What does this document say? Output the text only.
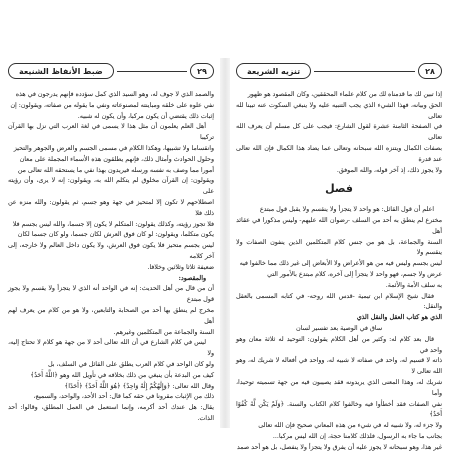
ضبط الأنفاظ الشنيعة	٢٩

والصمد الذي لا جوف له، وهو السيد الذي كمل سؤدده فإنهم يدرجون في هذه

نفي علوه على خلقه ومباينته لمصنوعاته ونفي ما يقوله من صفاته، ويقولون: إن

إثبات ذلك يقتضي أن يكون مركبا، وأن يكون له شبيه.

أهل العلم يعلمون أن مثل هذا لا يسمى في لغة العرب التي نزل بها القرآن تركيبا

وانقساما ولا تشبيها، وهكذا الكلام في مسمى الجسم والعرض والجوهر والتحيز

وحلول الحوادث وأمثال ذلك، فإنهم يطلقون هذه الأسماء المجملة على معان

أمورا مما وصف به نفسه ورسله فيريدون بهذا نفي ما يستحقه الله تعالى من

ويقولون: إن القرآن مخلوق لم يتكلم الله به، ويقولون: إنه لا يرى، وأن رؤيته على

اصطلاحهم لا تكون إلا لمتحيز في جهة وهو جسم، ثم يقولون: والله منزه عن ذلك فلا

فلا تجوز رؤيته، وكذلك يقولون: المتكلم لا يكون إلا جسما، والله ليس بجسم فلا

يكون متكلما، ويقولون: لو كان فوق العرش لكان جسما، ولو كان جسما لكان

ليس بجسم متحيز فلا يكون فوق العرش، ولا يكون داخل العالم ولا خارجه، إلى آخر كلامه

ضعيفة ثلاثا وثلاثين وخلافا.

والمقصود:

أن من قال من أهل الحديث: إنه في الواحد أنه الذي لا يتجزأ ولا يقسم ولا يجوز قول مبتدع

مخرج لم ينطق بها أحد من الصحابة والتابعين، ولا هو من كلام من يعرف لهم أهل

السنة والجماعة من المتكلمين وغيرهم.

ليس في كلام الشارع في أن الله تعالى أحد لا من جهة هو كلام لا تحتاج إليه، ولا

ولو كان الواحد في كلام العرب يطلق على القائل في السلف، بل

كيف من البدعة بأن ينبغي من ذلك بخلافه في تأويل الله وهو ﴿اللَّهُ أَحَدٌ﴾

وقال الله تعالى: ﴿وَإِلَٰهُكُمْ إِلَٰهٌ وَاحِدٌ﴾ ﴿هُوَ اللَّهُ أَحَدٌ﴾ ﴿أَحَدًا﴾

ذلك من الإثبات مقرونا في حقه كما قال: أحد الأحد، والواحد، والسميع،

يقال: هل عندك أحد أكرمه، وإنما استعمل في العمل المطلق، وقالوا: أحد الذات.

تنزيه الشريعة	٢٨

إذا تبين لك ما قدمناه لك من كلام علماء المحققين، وكان المقصود هو ظهور

الحق وبيانه، فهذا الشيء الذي يجب التنبيه عليه ولا ينبغي السكوت عنه تبينا لله تعالى

في الصفحة الثامنة عشرة لقول الشارع: فيجب على كل مسلم أن يعرف الله تعالى

بصفات الكمال ويتنزه الله سبحانه وتعالى عما يضاد هذا الكمال فإن الله تعالى عند قدرة

ولا يجوز ذلك، إذ آخر قوله، والله الموفق.

فصل

اعلم أن قول القائل: هو واحد لا يتجزأ ولا ينقسم ولا يقبل قول مبتدع

مخترع لم ينطق به أحد من السلف -رضوان الله عليهم- وليس مذكورا في عقائد أهل

السنة والجماعة، بل هو من جنس كلام المتكلمين الذين ينفون الصفات ولا ينقسم ولا

ليس بجسم وليس فيه من هو الأعراض ولا الأبعاض إلى غير ذلك مما خالفوا فيه

عرض ولا جسم، فهو واحد لا يتجزأ إلى آخره، كلام مبتدع بالأمور التي

به سلف الأمة والأئمة.

فقال شيخ الإسلام ابن تيمية -قدس الله روحه- في كتابه المسمى بالعقل والنقل:

الذي هو كتاب العقل والنقل الذي

ساق في الوصية بعد تفسير لسان

قال بعد كلام له: وكثير من أهل الكلام يقولون: التوحيد له ثلاثة معان وهو واحد في

ذاته لا قسيم له، واحد في صفاته لا شبيه له، وواحد في أفعاله لا شريك له، وهو الله تعالى لا

شريك له، وهذا المعنى الذي يريدونه فقد يصيبون فيه من جهة تسميته توحيدا، وأما

نفي الصفات فقد أخطأوا فيه وخالفوا كلام الكتاب والسنة. ﴿وَلَمْ يَكُن لَّهُ كُفُوًا أَحَدٌ﴾

ولا جزء له، ولا شبيه له في شيء من هذه المعاني صحيح فإن الله تعالى

بجانب ما جاء به الرسول، فلذلك كلامنا حجة، إن الله ليس مركبا...

غير هذا، وهو سبحانه لا يجوز عليه أن يفرق ولا يتجزأ ولا ينفصل، بل هو أحد صمد
